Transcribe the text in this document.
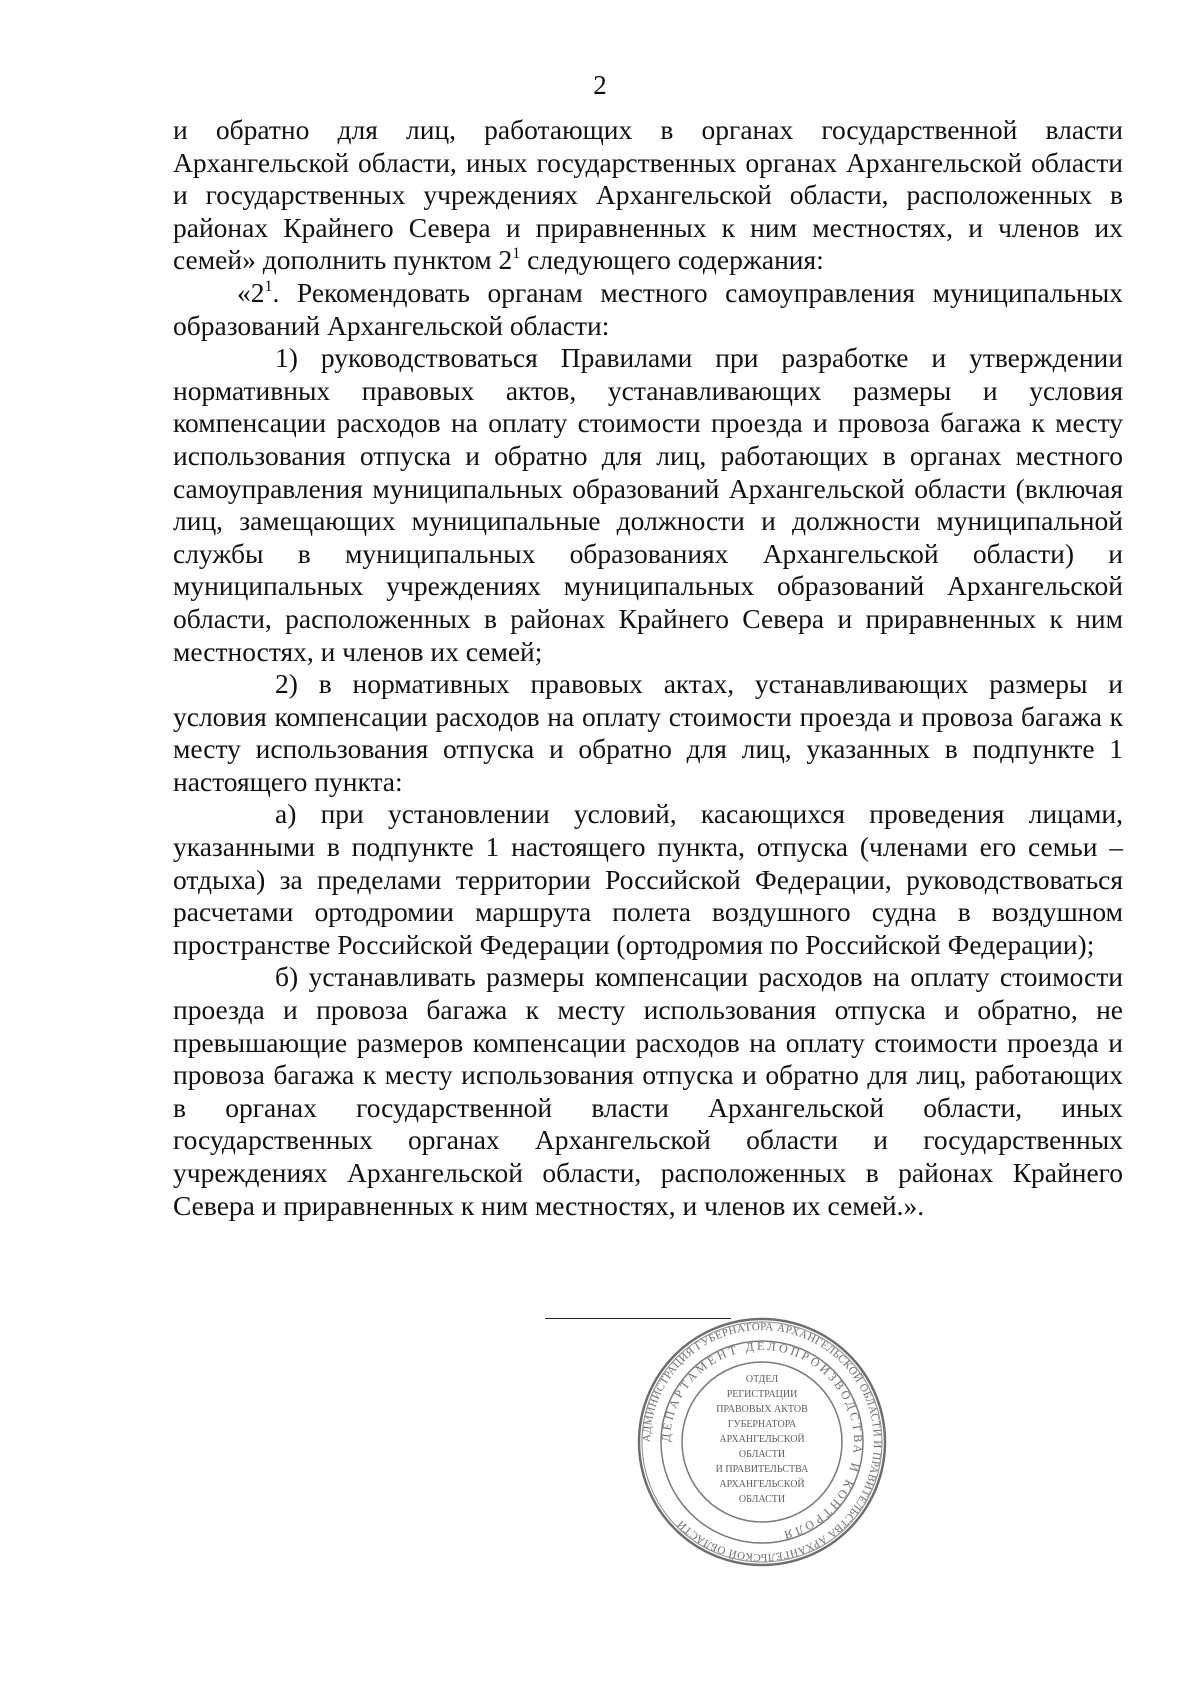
2

и обратно для лиц, работающих в органах государственной власти Архангельской области, иных государственных органах Архангельской области и государственных учреждениях Архангельской области, расположенных в районах Крайнего Севера и приравненных к ним местностях, и членов их семей» дополнить пунктом $2^1$ следующего содержания:

«$2^1$. Рекомендовать органам местного самоуправления муниципальных образований Архангельской области:

1) руководствоваться Правилами при разработке и утверждении нормативных правовых актов, устанавливающих размеры и условия компенсации расходов на оплату стоимости проезда и провоза багажа к месту использования отпуска и обратно для лиц, работающих в органах местного самоуправления муниципальных образований Архангельской области (включая лиц, замещающих муниципальные должности и должности муниципальной службы в муниципальных образованиях Архангельской области) и муниципальных учреждениях муниципальных образований Архангельской области, расположенных в районах Крайнего Севера и приравненных к ним местностях, и членов их семей;

2) в нормативных правовых актах, устанавливающих размеры и условия компенсации расходов на оплату стоимости проезда и провоза багажа к месту использования отпуска и обратно для лиц, указанных в подпункте 1 настоящего пункта:

а) при установлении условий, касающихся проведения лицами, указанными в подпункте 1 настоящего пункта, отпуска (членами его семьи – отдыха) за пределами территории Российской Федерации, руководствоваться расчетами ортодромии маршрута полета воздушного судна в воздушном пространстве Российской Федерации (ортодромия по Российской Федерации);

б) устанавливать размеры компенсации расходов на оплату стоимости проезда и провоза багажа к месту использования отпуска и обратно, не превышающие размеров компенсации расходов на оплату стоимости проезда и провоза багажа к месту использования отпуска и обратно для лиц, работающих в органах государственной власти Архангельской области, иных государственных органах Архангельской области и государственных учреждениях Архангельской области, расположенных в районах Крайнего Севера и приравненных к ним местностях, и членов их семей.».

АДМИНИСТРАЦИЯ ГУБЕРНАТОРА АРХАНГЕЛЬСКОЙ ОБЛАСТИ И ПРАВИТЕЛЬСТВА АРХАНГЕЛЬСКОЙ ОБЛАСТИ
ДЕПАРТАМЕНТ ДЕЛОПРОИЗВОДСТВА И КОНТРОЛЯ
ОТДЕЛ
РЕГИСТРАЦИИ
ПРАВОВЫХ АКТОВ
ГУБЕРНАТОРА
АРХАНГЕЛЬСКОЙ
ОБЛАСТИ
И ПРАВИТЕЛЬСТВА
АРХАНГЕЛЬСКОЙ
ОБЛАСТИ
